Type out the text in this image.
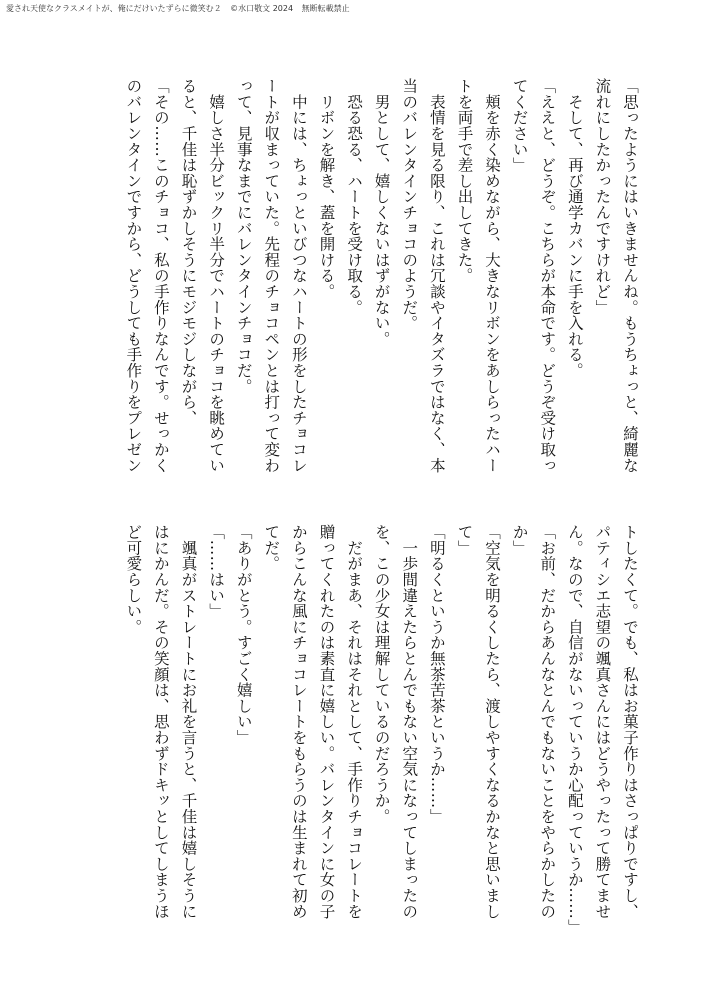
愛され天使なクラスメイトが、俺にだけいたずらに微笑む２ ©水口敬文 2024 無断転載禁止
「思ったようにはいきませんね。もうちょっと、綺麗な
流れにしたかったんですけれど」
　そして、再び通学カバンに手を入れる。
「ええと、どうぞ。こちらが本命です。どうぞ受け取っ
てください」
　頬を赤く染めながら、大きなリボンをあしらったハー
トを両手で差し出してきた。
　表情を見る限り、これは冗談やイタズラではなく、本
当のバレンタインチョコのようだ。
　男として、嬉しくないはずがない。
　恐る恐る、ハートを受け取る。
　リボンを解き、蓋を開ける。
　中には、ちょっといびつなハートの形をしたチョコレ
ートが収まっていた。先程のチョコペンとは打って変わ
って、見事なまでにバレンタインチョコだ。
　嬉しさ半分ビックリ半分でハートのチョコを眺めてい
ると、千佳は恥ずかしそうにモジモジしながら、
「その……このチョコ、私の手作りなんです。せっかく
のバレンタインですから、どうしても手作りをプレゼン
トしたくて。でも、私はお菓子作りはさっぱりですし、
パティシエ志望の颯真さんにはどうやったって勝てませ
ん。なので、自信がないっていうか心配っていうか……」
「お前、だからあんなとんでもないことをやらかしたの
か」
「空気を明るくしたら、渡しやすくなるかなと思いまし
て」
「明るくというか無茶苦茶というか……」
　一歩間違えたらとんでもない空気になってしまったの
を、この少女は理解しているのだろうか。
　だがまあ、それはそれとして、手作りチョコレートを
贈ってくれたのは素直に嬉しい。バレンタインに女の子
からこんな風にチョコレートをもらうのは生まれて初め
てだ。
「ありがとう。すごく嬉しい」
「……はい」
　颯真がストレートにお礼を言うと、千佳は嬉しそうに
はにかんだ。その笑顔は、思わずドキッとしてしまうほ
ど可愛らしい。
